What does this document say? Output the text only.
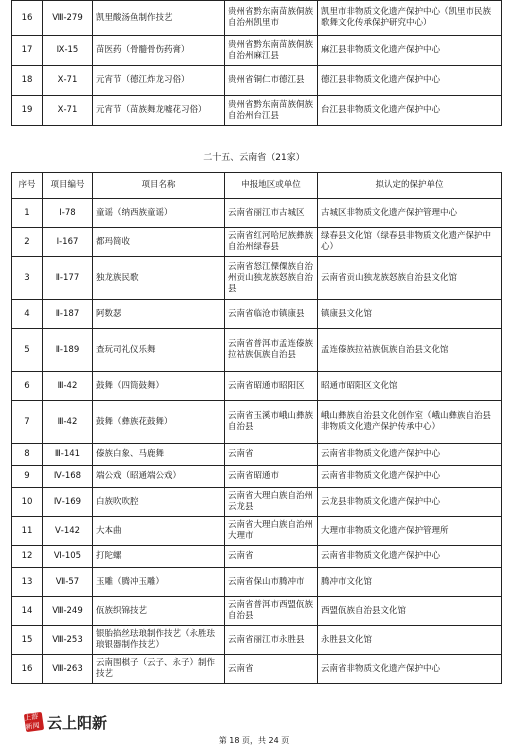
16	Ⅷ-279	凯里酸汤鱼制作技艺	贵州省黔东南苗族侗族自治州凯里市	凯里市非物质文化遗产保护中心（凯里市民族歌舞文化传承保护研究中心）
17	Ⅸ-15	苗医药（骨髓骨伤药膏）	贵州省黔东南苗族侗族自治州麻江县	麻江县非物质文化遗产保护中心
18	Ⅹ-71	元宵节（德江炸龙习俗）	贵州省铜仁市德江县	德江县非物质文化遗产保护中心
19	Ⅹ-71	元宵节（苗族舞龙嘘花习俗）	贵州省黔东南苗族侗族自治州台江县	台江县非物质文化遗产保护中心
二十五、云南省（21家）
序号	项目编号	项目名称	申报地区或单位	拟认定的保护单位
1	Ⅰ-78	童谣（纳西族童谣）	云南省丽江市古城区	古城区非物质文化遗产保护管理中心
2	Ⅰ-167	都玛简收	云南省红河哈尼族彝族自治州绿春县	绿春县文化馆（绿春县非物质文化遗产保护中心）
3	Ⅱ-177	独龙族民歌	云南省怒江傈僳族自治州贡山独龙族怒族自治县	云南省贡山独龙族怒族自治县文化馆
4	Ⅱ-187	阿数瑟	云南省临沧市镇康县	镇康县文化馆
5	Ⅱ-189	查玩司礼仪乐舞	云南省普洱市孟连傣族拉祜族佤族自治县	孟连傣族拉祜族佤族自治县文化馆
6	Ⅲ-42	鼓舞（四筒鼓舞）	云南省昭通市昭阳区	昭通市昭阳区文化馆
7	Ⅲ-42	鼓舞（彝族花鼓舞）	云南省玉溪市峨山彝族自治县	峨山彝族自治县文化创作室（峨山彝族自治县非物质文化遗产保护传承中心）
8	Ⅲ-141	傣族白象、马鹿舞	云南省	云南省非物质文化遗产保护中心
9	Ⅳ-168	端公戏（昭通端公戏）	云南省昭通市	云南省非物质文化遗产保护中心
10	Ⅳ-169	白族吹吹腔	云南省大理白族自治州云龙县	云龙县非物质文化遗产保护中心
11	Ⅴ-142	大本曲	云南省大理白族自治州大理市	大理市非物质文化遗产保护管理所
12	Ⅵ-105	打陀螺	云南省	云南省非物质文化遗产保护中心
13	Ⅶ-57	玉雕（腾冲玉雕）	云南省保山市腾冲市	腾冲市文化馆
14	Ⅷ-249	佤族织锦技艺	云南省普洱市西盟佤族自治县	西盟佤族自治县文化馆
15	Ⅷ-253	银胎掐丝珐琅制作技艺（永胜珐琅银器制作技艺）	云南省丽江市永胜县	永胜县文化馆
16	Ⅷ-263	云南围棋子（云子、永子）制作技艺	云南省	云南省非物质文化遗产保护中心
上游新闻 云上阳新
第 18 页，共 24 页
